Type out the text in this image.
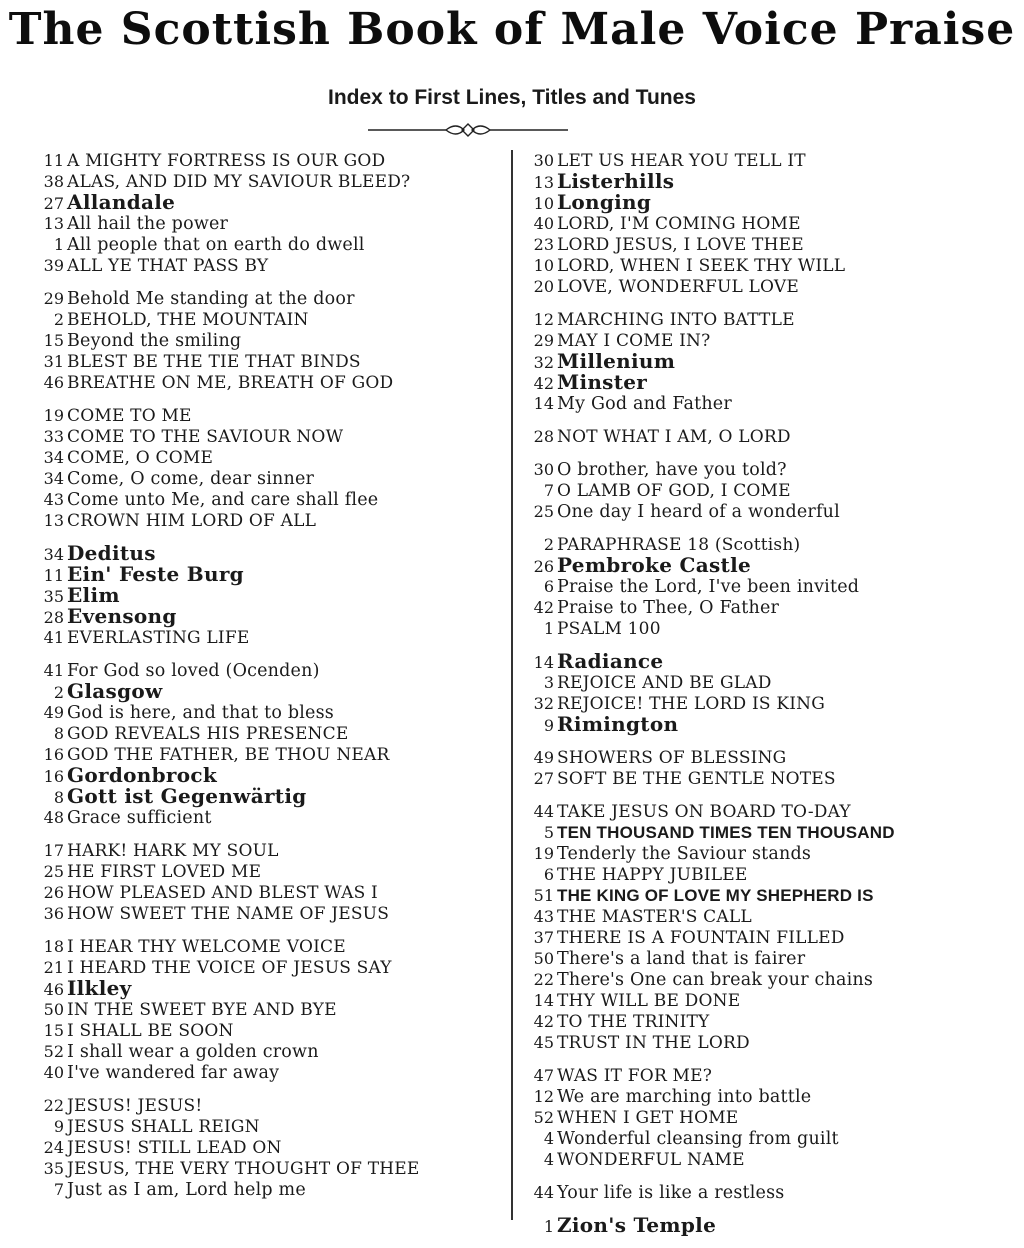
The Scottish Book of Male Voice Praise
Index to First Lines, Titles and Tunes
11 A MIGHTY FORTRESS IS OUR GOD
38 ALAS, AND DID MY SAVIOUR BLEED?
27 Allandale
13 All hail the power
1 All people that on earth do dwell
39 ALL YE THAT PASS BY
29 Behold Me standing at the door
2 BEHOLD, THE MOUNTAIN
15 Beyond the smiling
31 BLEST BE THE TIE THAT BINDS
46 BREATHE ON ME, BREATH OF GOD
19 COME TO ME
33 COME TO THE SAVIOUR NOW
34 COME, O COME
34 Come, O come, dear sinner
43 Come unto Me, and care shall flee
13 CROWN HIM LORD OF ALL
34 Deditus
11 Ein' Feste Burg
35 Elim
28 Evensong
41 EVERLASTING LIFE
41 For God so loved (Ocenden)
2 Glasgow
49 God is here, and that to bless
8 GOD REVEALS HIS PRESENCE
16 GOD THE FATHER, BE THOU NEAR
16 Gordonbrock
8 Gott ist Gegenwärtig
48 Grace sufficient
17 HARK! HARK MY SOUL
25 HE FIRST LOVED ME
26 HOW PLEASED AND BLEST WAS I
36 HOW SWEET THE NAME OF JESUS
18 I HEAR THY WELCOME VOICE
21 I HEARD THE VOICE OF JESUS SAY
46 Ilkley
50 IN THE SWEET BYE AND BYE
15 I SHALL BE SOON
52 I shall wear a golden crown
40 I've wandered far away
22 JESUS! JESUS!
9 JESUS SHALL REIGN
24 JESUS! STILL LEAD ON
35 JESUS, THE VERY THOUGHT OF THEE
7 Just as I am, Lord help me
30 LET US HEAR YOU TELL IT
13 Listerhills
10 Longing
40 LORD, I'M COMING HOME
23 LORD JESUS, I LOVE THEE
10 LORD, WHEN I SEEK THY WILL
20 LOVE, WONDERFUL LOVE
12 MARCHING INTO BATTLE
29 MAY I COME IN?
32 Millenium
42 Minster
14 My God and Father
28 NOT WHAT I AM, O LORD
30 O brother, have you told?
7 O LAMB OF GOD, I COME
25 One day I heard of a wonderful
2 PARAPHRASE 18 (Scottish)
26 Pembroke Castle
6 Praise the Lord, I've been invited
42 Praise to Thee, O Father
1 PSALM 100
14 Radiance
3 REJOICE AND BE GLAD
32 REJOICE! THE LORD IS KING
9 Rimington
49 SHOWERS OF BLESSING
27 SOFT BE THE GENTLE NOTES
44 TAKE JESUS ON BOARD TO-DAY
5 TEN THOUSAND TIMES TEN THOUSAND
19 Tenderly the Saviour stands
6 THE HAPPY JUBILEE
51 THE KING OF LOVE MY SHEPHERD IS
43 THE MASTER'S CALL
37 THERE IS A FOUNTAIN FILLED
50 There's a land that is fairer
22 There's One can break your chains
14 THY WILL BE DONE
42 TO THE TRINITY
45 TRUST IN THE LORD
47 WAS IT FOR ME?
12 We are marching into battle
52 WHEN I GET HOME
4 Wonderful cleansing from guilt
4 WONDERFUL NAME
44 Your life is like a restless
1 Zion's Temple
